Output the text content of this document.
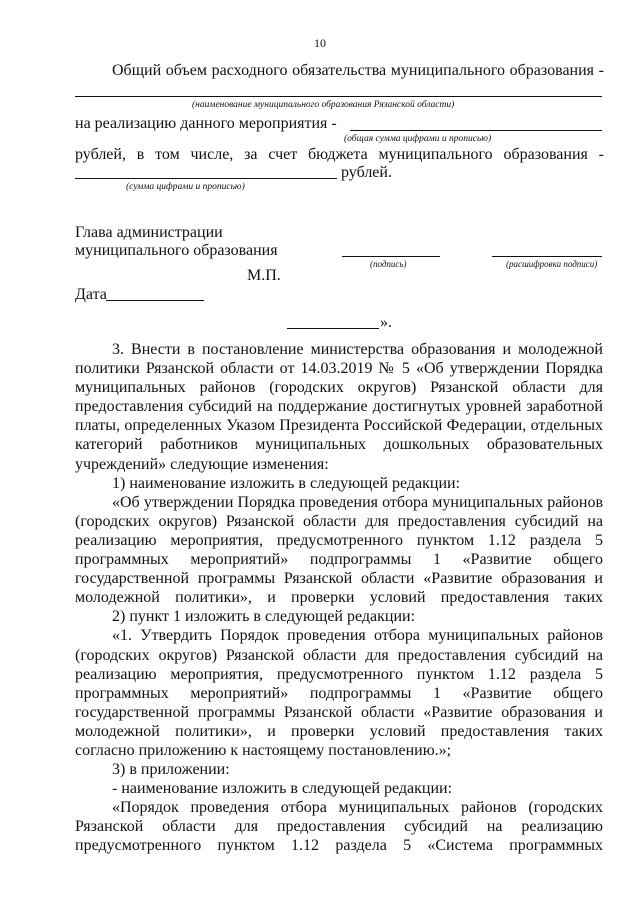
10
Общий объем расходного обязательства муниципального образования -
(наименование муниципального образования Рязанской области)
на реализацию данного мероприятия -
(общая сумма цифрами и прописью)
рублей, в том числе, за счет бюджета муниципального образования -
рублей.
(сумма цифрами и прописью)
Глава администрации
муниципального образования
(подпись)	(расшифровка подписи)
М.П.
Дата
».
3. Внести в постановление министерства образования и молодежной
политики Рязанской области от 14.03.2019 № 5 «Об утверждении Порядка
муниципальных районов (городских округов) Рязанской области для
предоставления субсидий на поддержание достигнутых уровней заработной
платы, определенных Указом Президента Российской Федерации, отдельных
категорий работников муниципальных дошкольных образовательных
учреждений» следующие изменения:
1) наименование изложить в следующей редакции:
«Об утверждении Порядка проведения отбора муниципальных районов
(городских округов) Рязанской области для предоставления субсидий на
реализацию мероприятия, предусмотренного пунктом 1.12 раздела 5
программных мероприятий» подпрограммы 1 «Развитие общего
государственной программы Рязанской области «Развитие образования и
молодежной политики», и проверки условий предоставления таких
2) пункт 1 изложить в следующей редакции:
«1. Утвердить Порядок проведения отбора муниципальных районов
(городских округов) Рязанской области для предоставления субсидий на
реализацию мероприятия, предусмотренного пунктом 1.12 раздела 5
программных мероприятий» подпрограммы 1 «Развитие общего
государственной программы Рязанской области «Развитие образования и
молодежной политики», и проверки условий предоставления таких
согласно приложению к настоящему постановлению.»;
3) в приложении:
- наименование изложить в следующей редакции:
«Порядок проведения отбора муниципальных районов (городских
Рязанской области для предоставления субсидий на реализацию
предусмотренного пунктом 1.12 раздела 5 «Система программных
